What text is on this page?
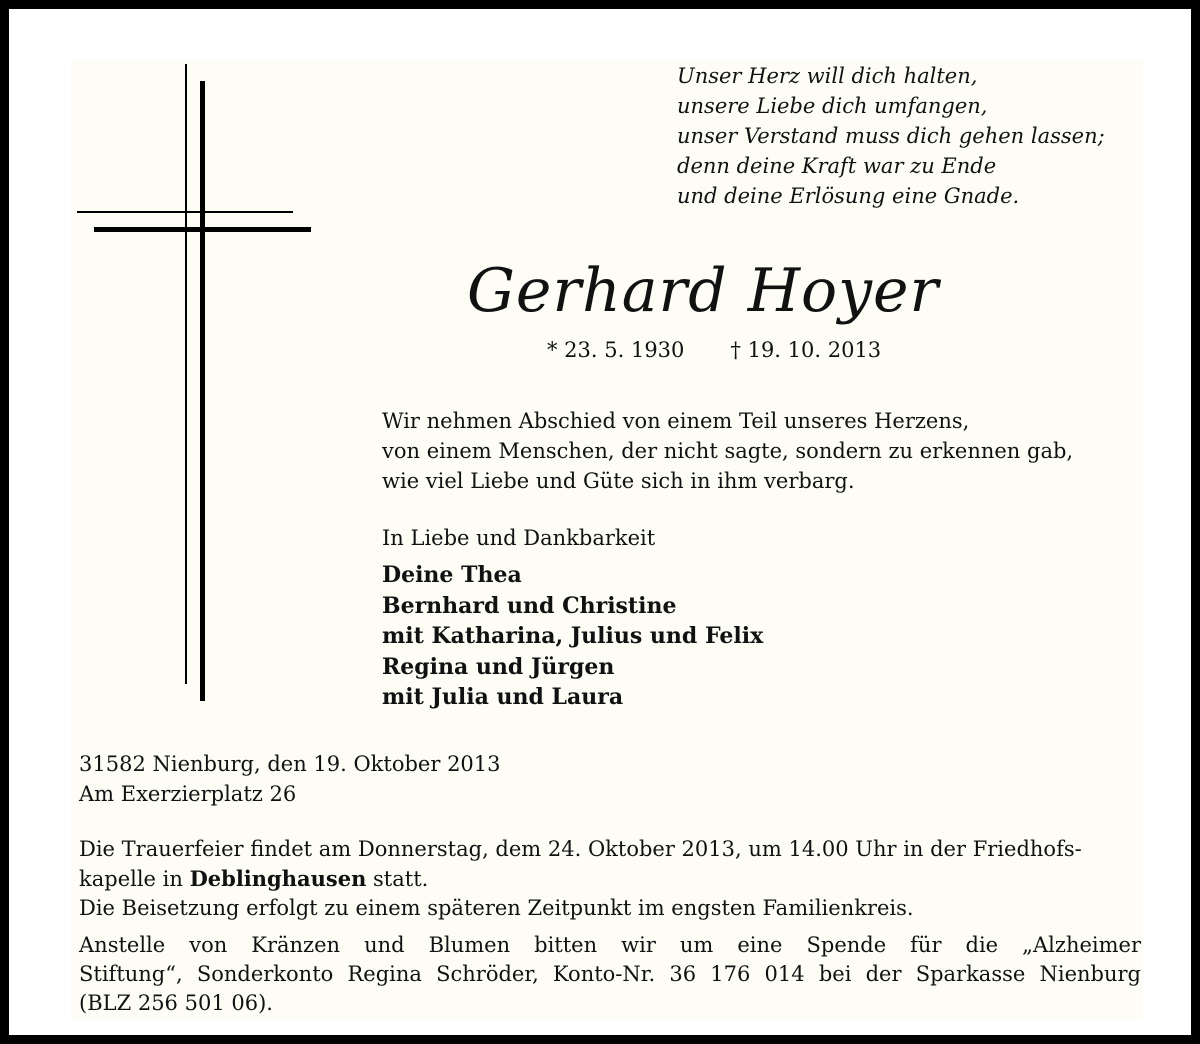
Unser Herz will dich halten,
unsere Liebe dich umfangen,
unser Verstand muss dich gehen lassen;
denn deine Kraft war zu Ende
und deine Erlösung eine Gnade.
Gerhard Hoyer
* 23. 5. 1930 † 19. 10. 2013
Wir nehmen Abschied von einem Teil unseres Herzens,
von einem Menschen, der nicht sagte, sondern zu erkennen gab,
wie viel Liebe und Güte sich in ihm verbarg.
In Liebe und Dankbarkeit
Deine Thea
Bernhard und Christine
mit Katharina, Julius und Felix
Regina und Jürgen
mit Julia und Laura
31582 Nienburg, den 19. Oktober 2013
Am Exerzierplatz 26
Die Trauerfeier findet am Donnerstag, dem 24. Oktober 2013, um 14.00 Uhr in der Friedhofs-
kapelle in Deblinghausen statt.
Die Beisetzung erfolgt zu einem späteren Zeitpunkt im engsten Familienkreis.
Anstelle von Kränzen und Blumen bitten wir um eine Spende für die „Alzheimer
Stiftung“, Sonderkonto Regina Schröder, Konto-Nr. 36 176 014 bei der Sparkasse Nienburg
(BLZ 256 501 06).
